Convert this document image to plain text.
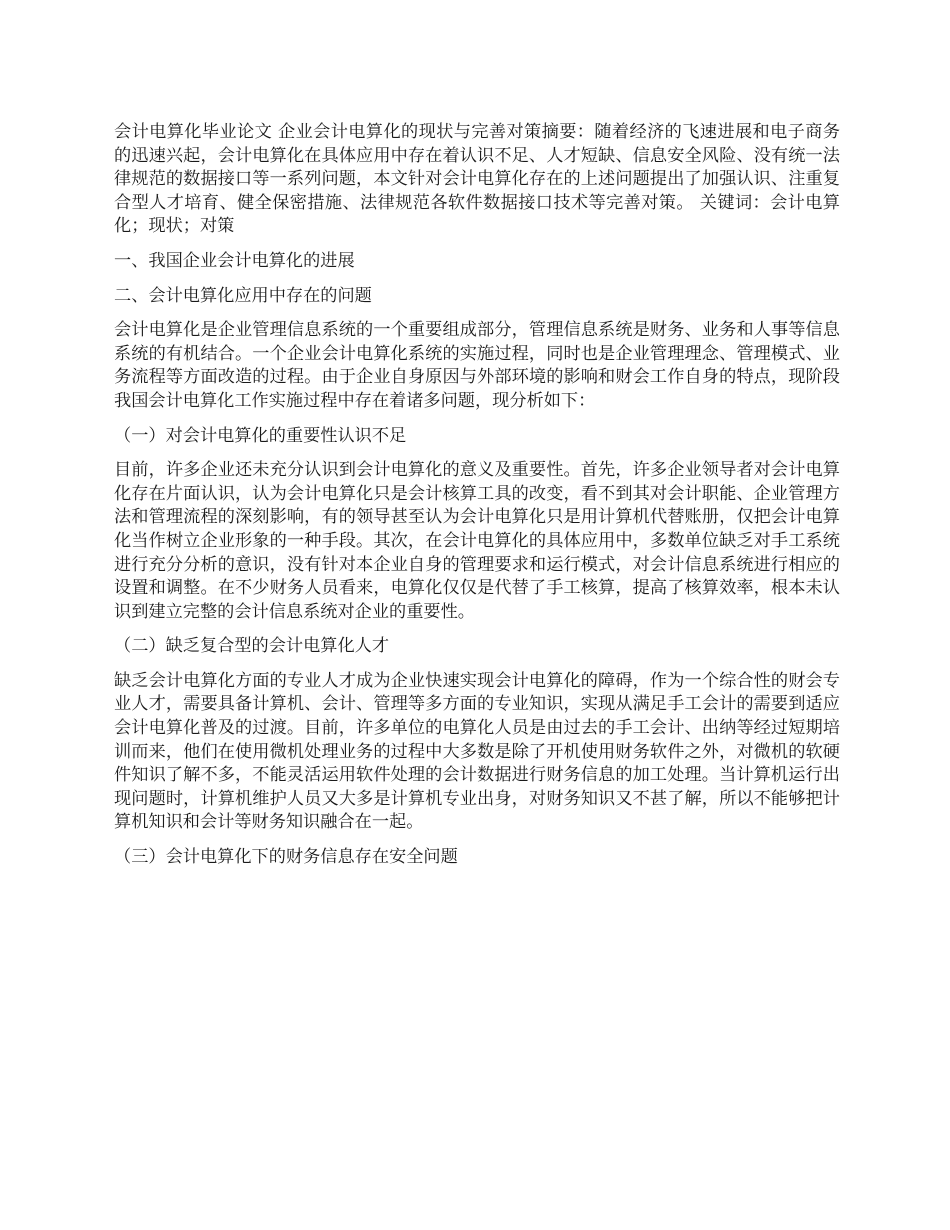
会计电算化毕业论文 企业会计电算化的现状与完善对策摘要：随着经济的飞速进展和电子商务的迅速兴起，会计电算化在具体应用中存在着认识不足、人才短缺、信息安全风险、没有统一法律规范的数据接口等一系列问题，本文针对会计电算化存在的上述问题提出了加强认识、注重复合型人才培育、健全保密措施、法律规范各软件数据接口技术等完善对策。 关键词：会计电算化；现状；对策

一、我国企业会计电算化的进展

二、会计电算化应用中存在的问题

会计电算化是企业管理信息系统的一个重要组成部分，管理信息系统是财务、业务和人事等信息系统的有机结合。一个企业会计电算化系统的实施过程，同时也是企业管理理念、管理模式、业务流程等方面改造的过程。由于企业自身原因与外部环境的影响和财会工作自身的特点，现阶段我国会计电算化工作实施过程中存在着诸多问题，现分析如下：

（一）对会计电算化的重要性认识不足

目前，许多企业还未充分认识到会计电算化的意义及重要性。首先，许多企业领导者对会计电算化存在片面认识，认为会计电算化只是会计核算工具的改变，看不到其对会计职能、企业管理方法和管理流程的深刻影响，有的领导甚至认为会计电算化只是用计算机代替账册，仅把会计电算化当作树立企业形象的一种手段。其次，在会计电算化的具体应用中，多数单位缺乏对手工系统进行充分分析的意识，没有针对本企业自身的管理要求和运行模式，对会计信息系统进行相应的设置和调整。在不少财务人员看来，电算化仅仅是代替了手工核算，提高了核算效率，根本未认识到建立完整的会计信息系统对企业的重要性。

（二）缺乏复合型的会计电算化人才

缺乏会计电算化方面的专业人才成为企业快速实现会计电算化的障碍，作为一个综合性的财会专业人才，需要具备计算机、会计、管理等多方面的专业知识，实现从满足手工会计的需要到适应会计电算化普及的过渡。目前，许多单位的电算化人员是由过去的手工会计、出纳等经过短期培训而来，他们在使用微机处理业务的过程中大多数是除了开机使用财务软件之外，对微机的软硬件知识了解不多，不能灵活运用软件处理的会计数据进行财务信息的加工处理。当计算机运行出现问题时，计算机维护人员又大多是计算机专业出身，对财务知识又不甚了解，所以不能够把计算机知识和会计等财务知识融合在一起。

（三）会计电算化下的财务信息存在安全问题
